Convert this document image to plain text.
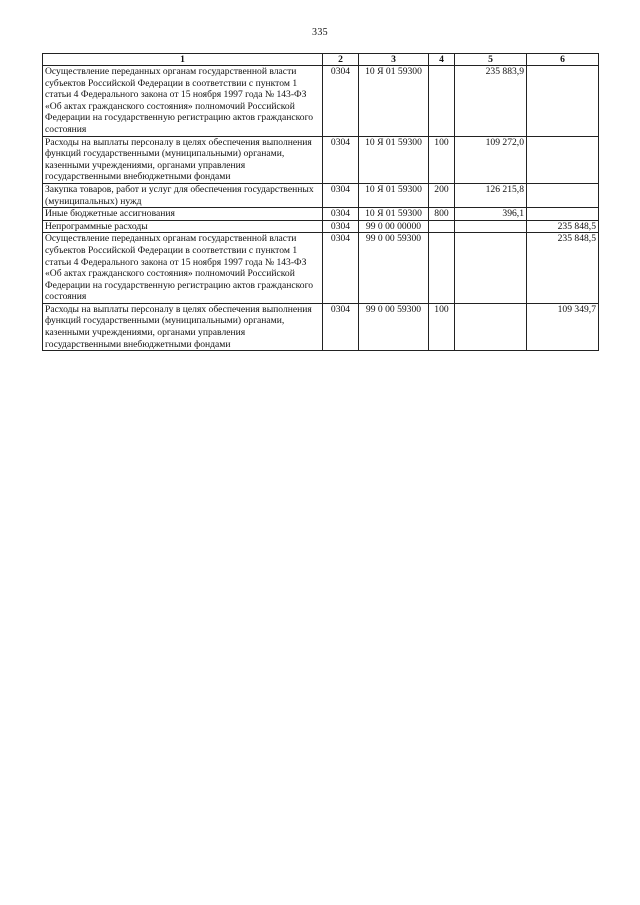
335
1	2	3	4	5	6
Осуществление переданных органам государственной власти субъектов Российской Федерации в соответствии с пунктом 1 статьи 4 Федерального закона от 15 ноября 1997 года № 143-ФЗ «Об актах гражданского состояния» полномочий Российской Федерации на государственную регистрацию актов гражданского состояния	0304	10 Я 01 59300		235 883,9	
Расходы на выплаты персоналу в целях обеспечения выполнения функций государственными (муниципальными) органами, казенными учреждениями, органами управления государственными внебюджетными фондами	0304	10 Я 01 59300	100	109 272,0	
Закупка товаров, работ и услуг для обеспечения государственных (муниципальных) нужд	0304	10 Я 01 59300	200	126 215,8	
Иные бюджетные ассигнования	0304	10 Я 01 59300	800	396,1	
Непрограммные расходы	0304	99 0 00 00000			235 848,5
Осуществление переданных органам государственной власти субъектов Российской Федерации в соответствии с пунктом 1 статьи 4 Федерального закона от 15 ноября 1997 года № 143-ФЗ «Об актах гражданского состояния» полномочий Российской Федерации на государственную регистрацию актов гражданского состояния	0304	99 0 00 59300			235 848,5
Расходы на выплаты персоналу в целях обеспечения выполнения функций государственными (муниципальными) органами, казенными учреждениями, органами управления государственными внебюджетными фондами	0304	99 0 00 59300	100		109 349,7
